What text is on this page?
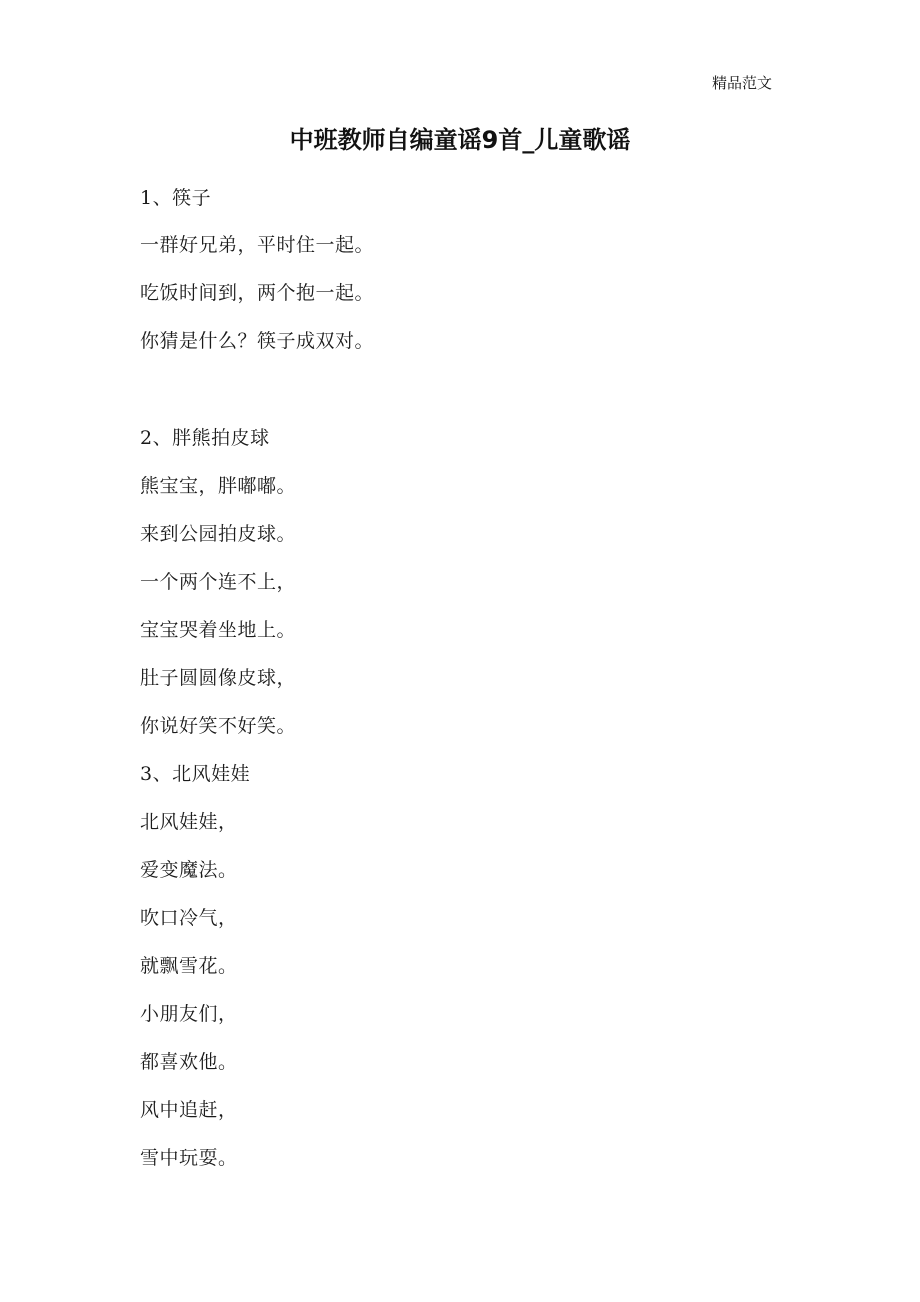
精品范文
中班教师自编童谣9首_儿童歌谣
1、筷子
一群好兄弟，平时住一起。
吃饭时间到，两个抱一起。
你猜是什么？筷子成双对。
2、胖熊拍皮球
熊宝宝，胖嘟嘟。
来到公园拍皮球。
一个两个连不上，
宝宝哭着坐地上。
肚子圆圆像皮球，
你说好笑不好笑。
3、北风娃娃
北风娃娃，
爱变魔法。
吹口冷气，
就飘雪花。
小朋友们，
都喜欢他。
风中追赶，
雪中玩耍。
